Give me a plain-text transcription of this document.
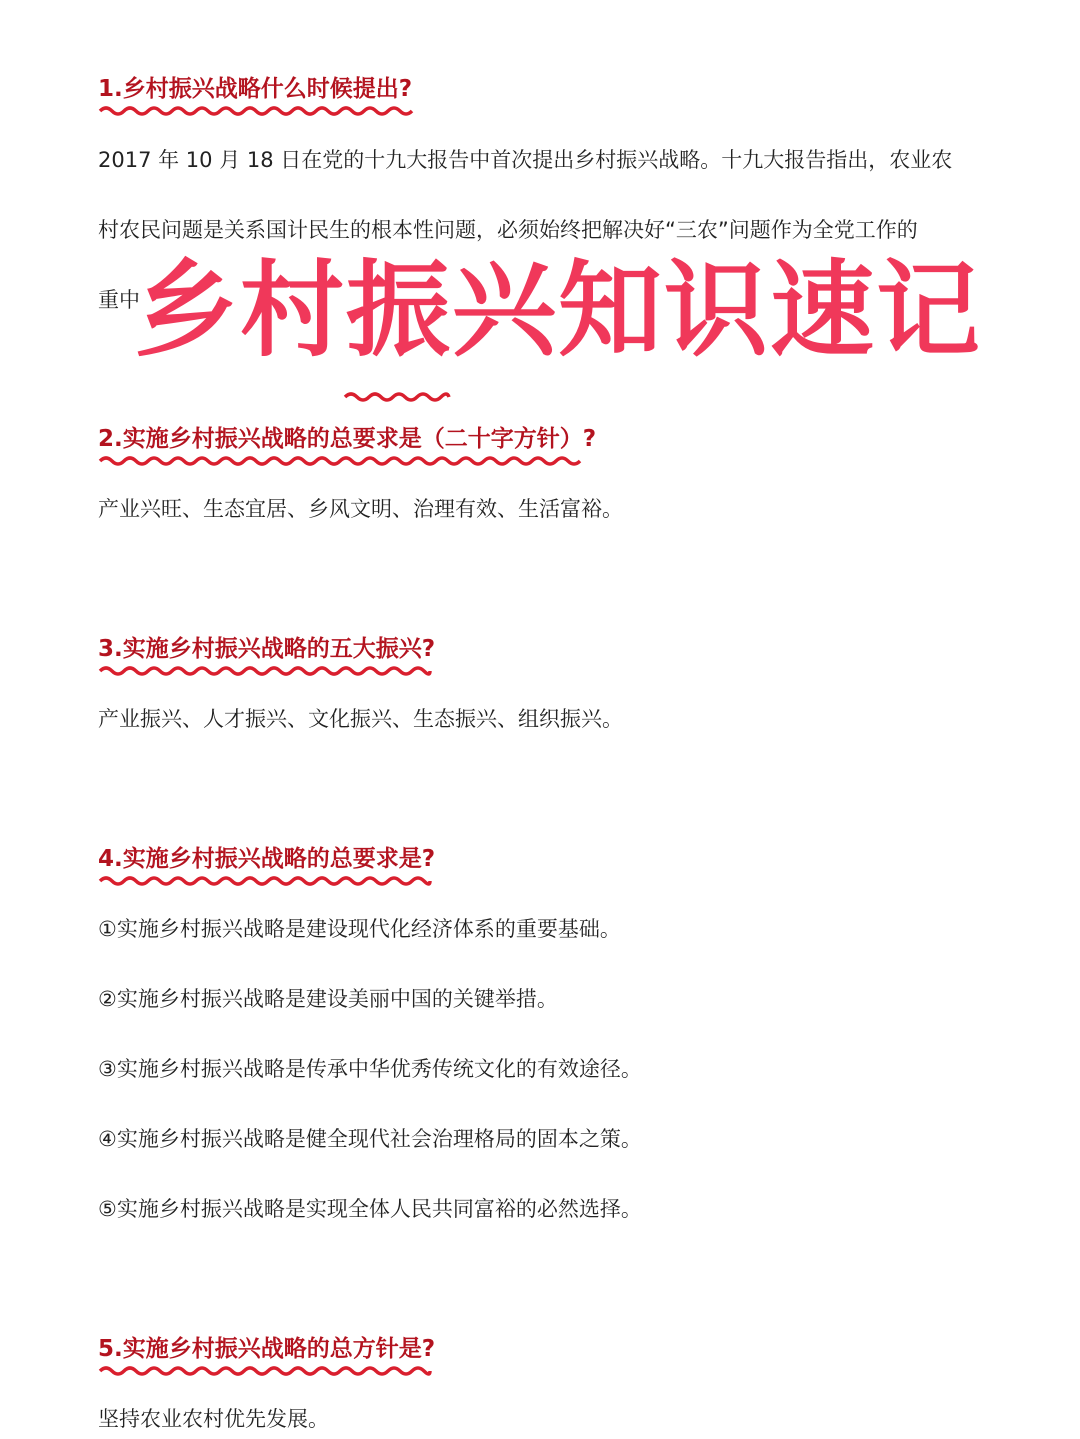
1.乡村振兴战略什么时候提出?
2017 年 10 月 18 日在党的十九大报告中首次提出乡村振兴战略。十九大报告指出，农业农
村农民问题是关系国计民生的根本性问题，必须始终把解决好“三农”问题作为全党工作的
重中
乡村振兴知识速记
2.实施乡村振兴战略的总要求是（二十字方针）?
产业兴旺、生态宜居、乡风文明、治理有效、生活富裕。
3.实施乡村振兴战略的五大振兴?
产业振兴、人才振兴、文化振兴、生态振兴、组织振兴。
4.实施乡村振兴战略的总要求是?
①实施乡村振兴战略是建设现代化经济体系的重要基础。
②实施乡村振兴战略是建设美丽中国的关键举措。
③实施乡村振兴战略是传承中华优秀传统文化的有效途径。
④实施乡村振兴战略是健全现代社会治理格局的固本之策。
⑤实施乡村振兴战略是实现全体人民共同富裕的必然选择。
5.实施乡村振兴战略的总方针是?
坚持农业农村优先发展。
